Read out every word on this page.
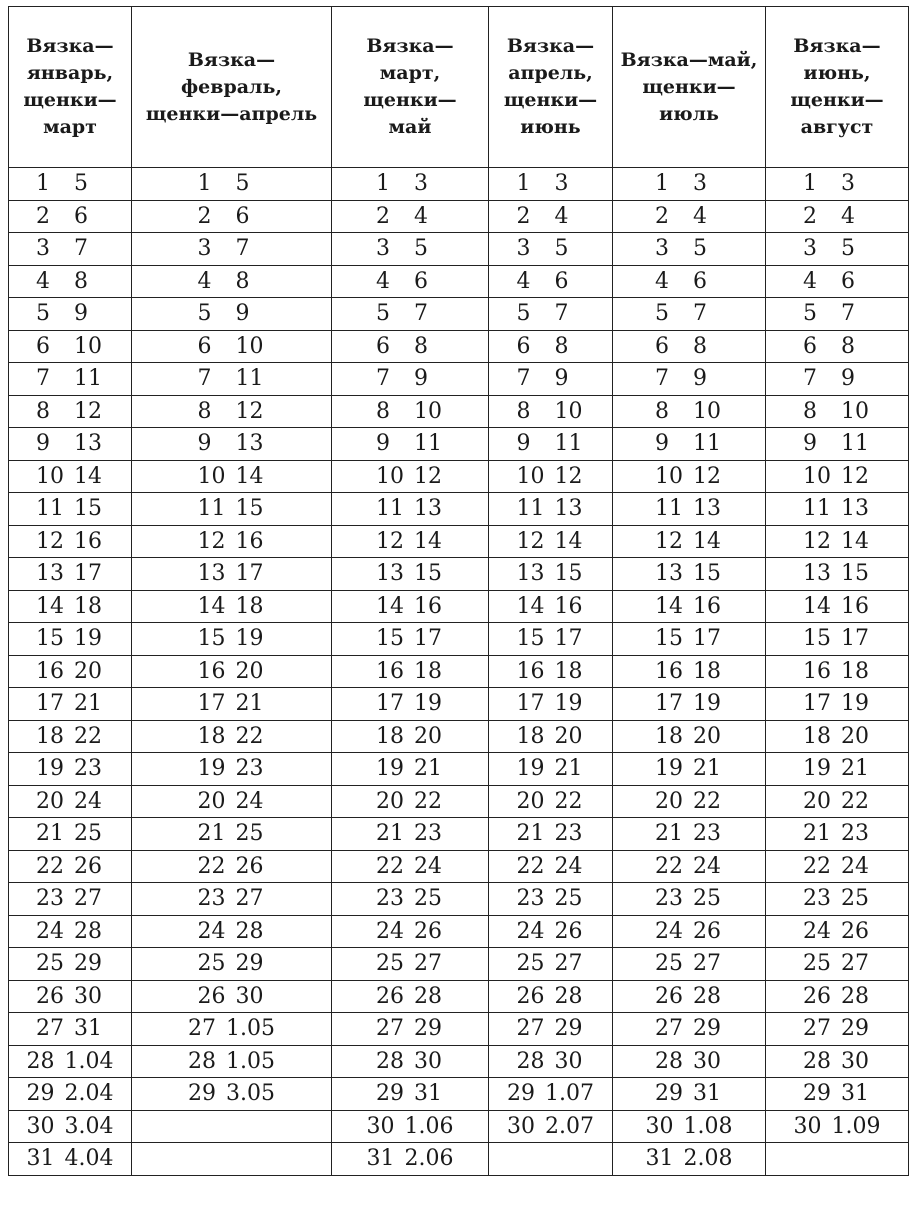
Вязка—
январь,
щенки—
март	Вязка—
февраль,
щенки—апрель	Вязка—
март,
щенки—
май	Вязка—
апрель,
щенки—
июнь	Вязка—май,
щенки—
июль	Вязка—
июнь,
щенки—
август

1 5	1 5	1 3	1 3	1 3	1 3

2 6	2 6	2 4	2 4	2 4	2 4

3 7	3 7	3 5	3 5	3 5	3 5

4 8	4 8	4 6	4 6	4 6	4 6

5 9	5 9	5 7	5 7	5 7	5 7

6 10	6 10	6 8	6 8	6 8	6 8

7 11	7 11	7 9	7 9	7 9	7 9

8 12	8 12	8 10	8 10	8 10	8 10

9 13	9 13	9 11	9 11	9 11	9 11

10 14	10 14	10 12	10 12	10 12	10 12

11 15	11 15	11 13	11 13	11 13	11 13

12 16	12 16	12 14	12 14	12 14	12 14

13 17	13 17	13 15	13 15	13 15	13 15

14 18	14 18	14 16	14 16	14 16	14 16

15 19	15 19	15 17	15 17	15 17	15 17

16 20	16 20	16 18	16 18	16 18	16 18

17 21	17 21	17 19	17 19	17 19	17 19

18 22	18 22	18 20	18 20	18 20	18 20

19 23	19 23	19 21	19 21	19 21	19 21

20 24	20 24	20 22	20 22	20 22	20 22

21 25	21 25	21 23	21 23	21 23	21 23

22 26	22 26	22 24	22 24	22 24	22 24

23 27	23 27	23 25	23 25	23 25	23 25

24 28	24 28	24 26	24 26	24 26	24 26

25 29	25 29	25 27	25 27	25 27	25 27

26 30	26 30	26 28	26 28	26 28	26 28

27 31	27 1.05	27 29	27 29	27 29	27 29

28 1.04	28 1.05	28 30	28 30	28 30	28 30

29 2.04	29 3.05	29 31	29 1.07	29 31	29 31

30 3.04		30 1.06	30 2.07	30 1.08	30 1.09

31 4.04		31 2.06		31 2.08	
